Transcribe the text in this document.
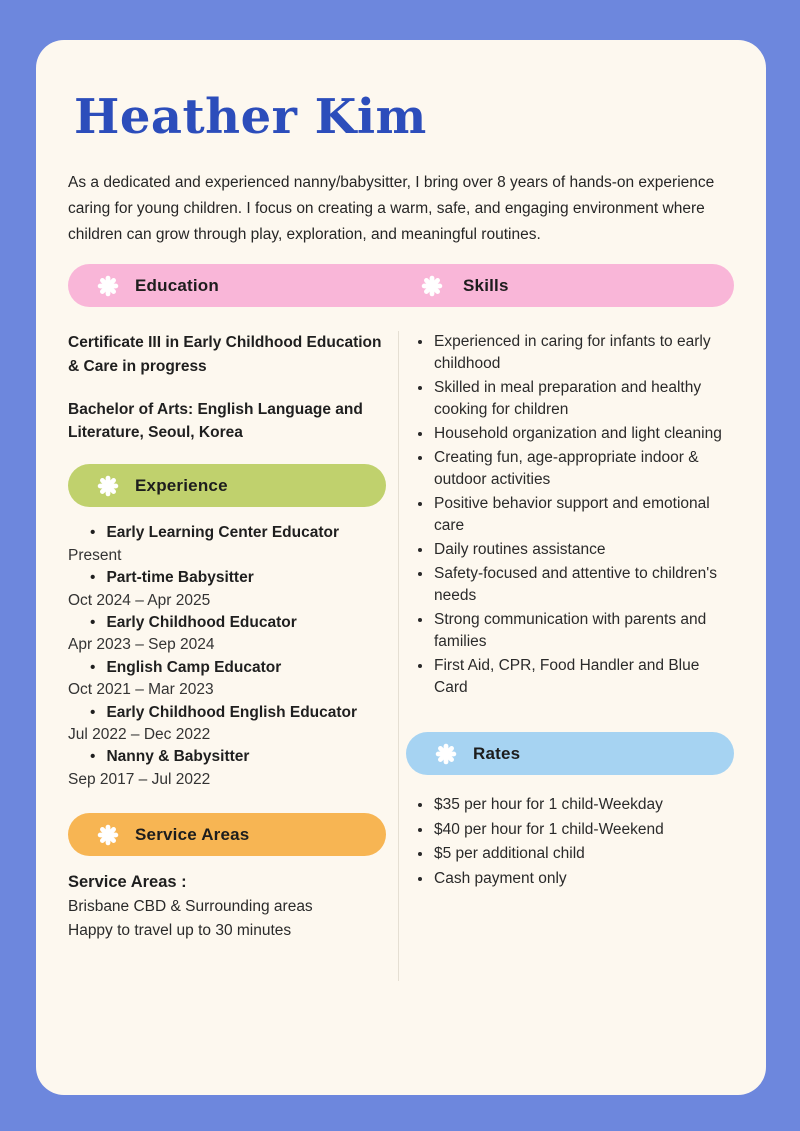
Heather Kim

As a dedicated and experienced nanny/babysitter, I bring over 8 years of hands-on experience caring for young children. I focus on creating a warm, safe, and engaging environment where children can grow through play, exploration, and meaningful routines.

Education	Skills

Certificate III in Early Childhood Education & Care in progress

Bachelor of Arts: English Language and Literature, Seoul, Korea

Experience
• Early Learning Center Educator
Present
• Part-time Babysitter
Oct 2024 – Apr 2025
• Early Childhood Educator
Apr 2023 – Sep 2024
• English Camp Educator
Oct 2021 – Mar 2023
• Early Childhood English Educator
Jul 2022 – Dec 2022
• Nanny & Babysitter
Sep 2017 – Jul 2022
Service Areas
Service Areas :
Brisbane CBD & Surrounding areas
Happy to travel up to 30 minutes
• Experienced in caring for infants to early childhood
• Skilled in meal preparation and healthy cooking for children
• Household organization and light cleaning
• Creating fun, age-appropriate indoor & outdoor activities
• Positive behavior support and emotional care
• Daily routines assistance
• Safety-focused and attentive to children's needs
• Strong communication with parents and families
• First Aid, CPR, Food Handler and Blue Card
Rates
• $35 per hour for 1 child-Weekday
• $40 per hour for 1 child-Weekend
• $5 per additional child
• Cash payment only
